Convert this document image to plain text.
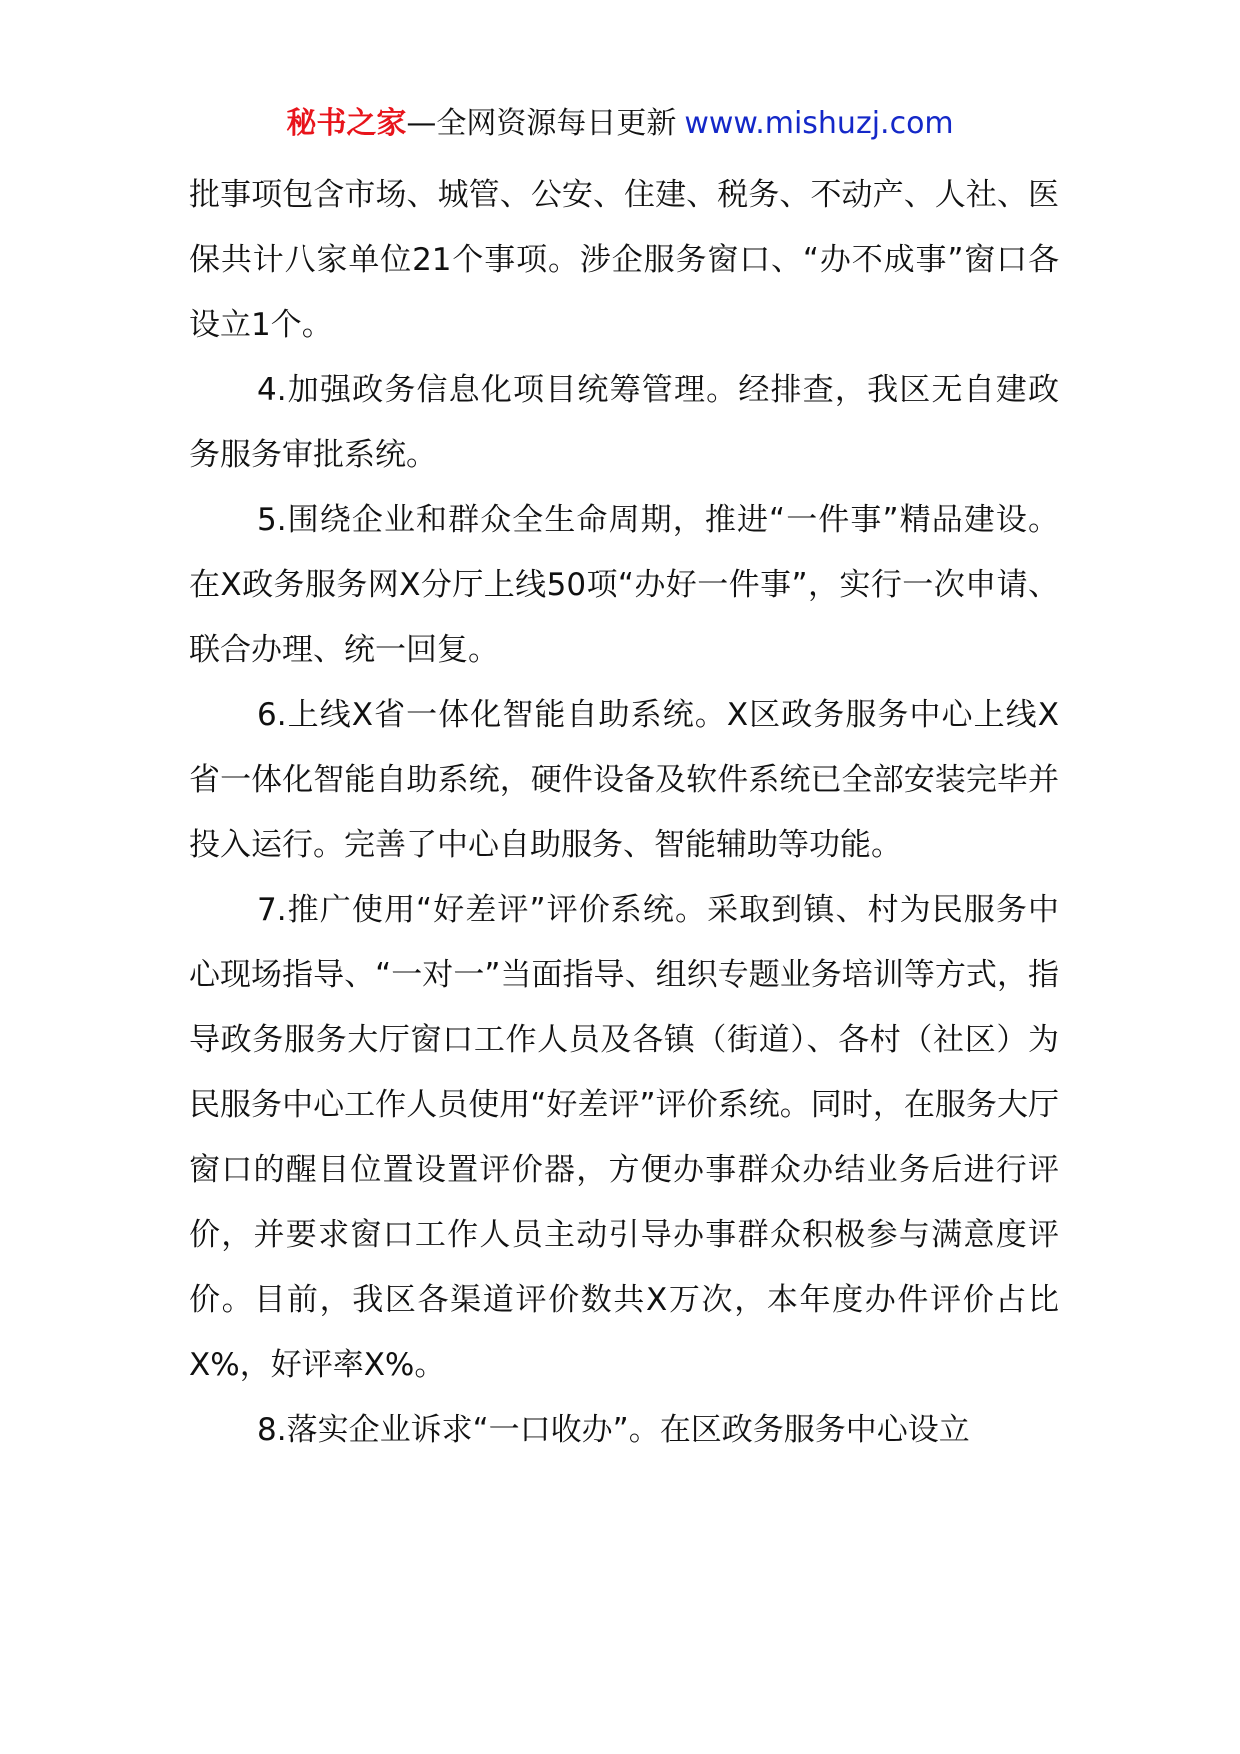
秘书之家—全网资源每日更新 www.mishuzj.com

批事项包含市场、城管、公安、住建、税务、不动产、人社、医保共计八家单位21个事项。涉企服务窗口、“办不成事”窗口各设立1个。

4.加强政务信息化项目统筹管理。经排查，我区无自建政务服务审批系统。

5.围绕企业和群众全生命周期，推进“一件事”精品建设。在X政务服务网X分厅上线50项“办好一件事”，实行一次申请、联合办理、统一回复。

6.上线X省一体化智能自助系统。X区政务服务中心上线X省一体化智能自助系统，硬件设备及软件系统已全部安装完毕并投入运行。完善了中心自助服务、智能辅助等功能。

7.推广使用“好差评”评价系统。采取到镇、村为民服务中心现场指导、“一对一”当面指导、组织专题业务培训等方式，指导政务服务大厅窗口工作人员及各镇（街道）、各村（社区）为民服务中心工作人员使用“好差评”评价系统。同时，在服务大厅窗口的醒目位置设置评价器，方便办事群众办结业务后进行评价，并要求窗口工作人员主动引导办事群众积极参与满意度评价。目前，我区各渠道评价数共X万次，本年度办件评价占比X%，好评率X%。

8.落实企业诉求“一口收办”。在区政务服务中心设立
